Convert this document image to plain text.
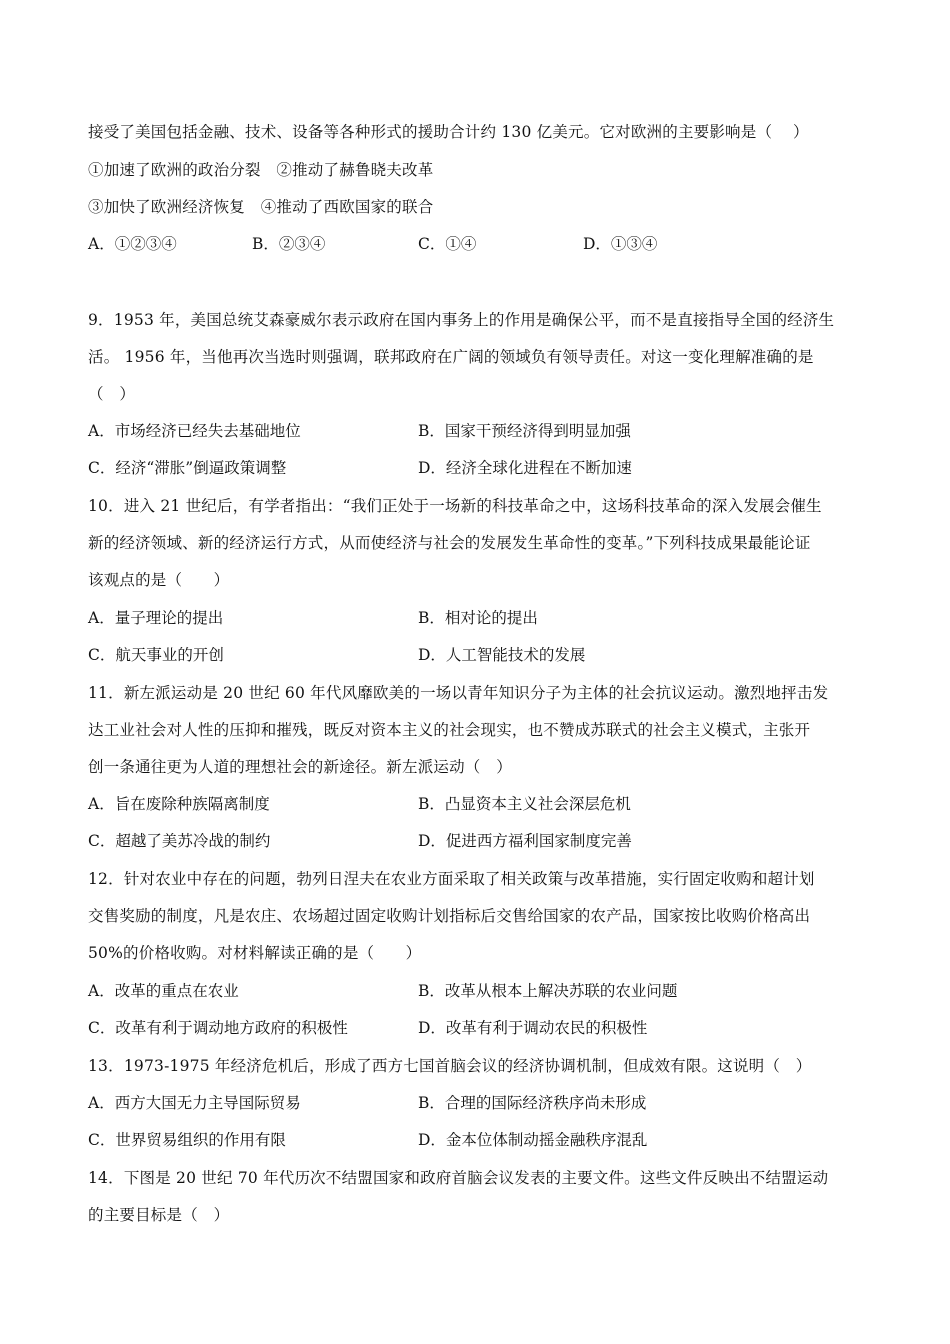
接受了美国包括金融、技术、设备等各种形式的援助合计约 130 亿美元。它对欧洲的主要影响是（　 ）
①加速了欧洲的政治分裂　②推动了赫鲁晓夫改革
③加快了欧洲经济恢复　④推动了西欧国家的联合
A．①②③④	B．②③④	C．①④	D．①③④
9．1953 年，美国总统艾森豪威尔表示政府在国内事务上的作用是确保公平，而不是直接指导全国的经济生
活。 1956 年，当他再次当选时则强调，联邦政府在广阔的领域负有领导责任。对这一变化理解准确的是
（　）
A．市场经济已经失去基础地位	B．国家干预经济得到明显加强
C．经济“滞胀”倒逼政策调整	D．经济全球化进程在不断加速
10．进入 21 世纪后，有学者指出：“我们正处于一场新的科技革命之中，这场科技革命的深入发展会催生
新的经济领域、新的经济运行方式，从而使经济与社会的发展发生革命性的变革。”下列科技成果最能论证
该观点的是（　　）
A．量子理论的提出	B．相对论的提出
C．航天事业的开创	D．人工智能技术的发展
11．新左派运动是 20 世纪 60 年代风靡欧美的一场以青年知识分子为主体的社会抗议运动。激烈地抨击发
达工业社会对人性的压抑和摧残，既反对资本主义的社会现实，也不赞成苏联式的社会主义模式，主张开
创一条通往更为人道的理想社会的新途径。新左派运动（　）
A．旨在废除种族隔离制度	B．凸显资本主义社会深层危机
C．超越了美苏冷战的制约	D．促进西方福利国家制度完善
12．针对农业中存在的问题，勃列日涅夫在农业方面采取了相关政策与改革措施，实行固定收购和超计划
交售奖励的制度，凡是农庄、农场超过固定收购计划指标后交售给国家的农产品，国家按比收购价格高出
50%的价格收购。对材料解读正确的是（　　）
A．改革的重点在农业	B．改革从根本上解决苏联的农业问题
C．改革有利于调动地方政府的积极性	D．改革有利于调动农民的积极性
13．1973-1975 年经济危机后，形成了西方七国首脑会议的经济协调机制，但成效有限。这说明（　）
A．西方大国无力主导国际贸易	B．合理的国际经济秩序尚未形成
C．世界贸易组织的作用有限	D．金本位体制动摇金融秩序混乱
14．下图是 20 世纪 70 年代历次不结盟国家和政府首脑会议发表的主要文件。这些文件反映出不结盟运动
的主要目标是（　）
